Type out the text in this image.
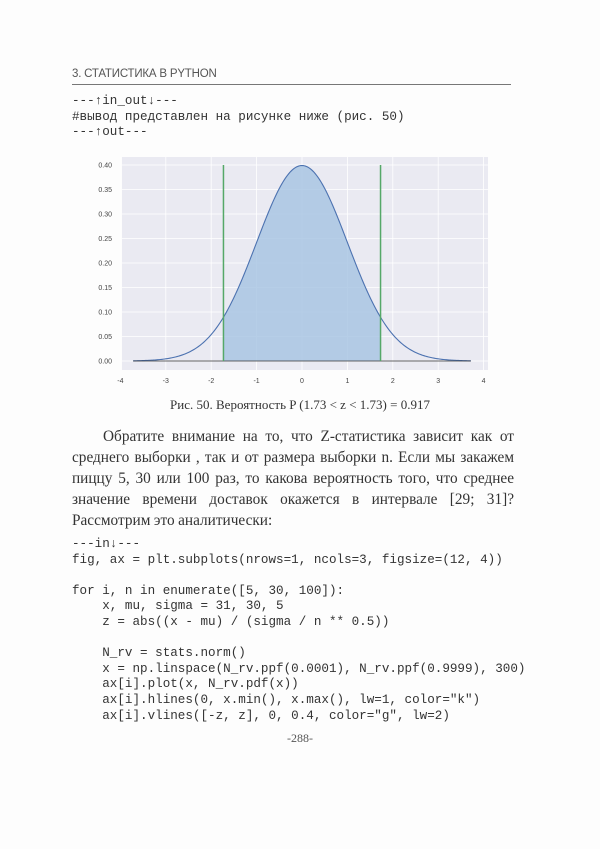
3. СТАТИСТИКА В PYTHON
---↑in_out↓---
#вывод представлен на рисунке ниже (рис. 50)
---↑out---
-4	-3	-2	-1	0	1	2	3	4
0.00
0.05
0.10
0.15
0.20
0.25
0.30
0.35
0.40
Рис. 50. Вероятность P (1.73 < z < 1.73) = 0.917

Обратите внимание на то, что Z-статистика зависит как от среднего выборки , так и от размера выборки n. Если мы закажем пиццу 5, 30 или 100 раз, то какова вероятность того, что среднее значение времени доставок окажется в интервале [29; 31]? Рассмотрим это аналитически:

---in↓---
fig, ax = plt.subplots(nrows=1, ncols=3, figsize=(12, 4))

for i, n in enumerate([5, 30, 100]):
x, mu, sigma = 31, 30, 5
z = abs((x - mu) / (sigma / n ** 0.5))

N_rv = stats.norm()
x = np.linspace(N_rv.ppf(0.0001), N_rv.ppf(0.9999), 300)
ax[i].plot(x, N_rv.pdf(x))
ax[i].hlines(0, x.min(), x.max(), lw=1, color="k")
ax[i].vlines([-z, z], 0, 0.4, color="g", lw=2)
-288-
